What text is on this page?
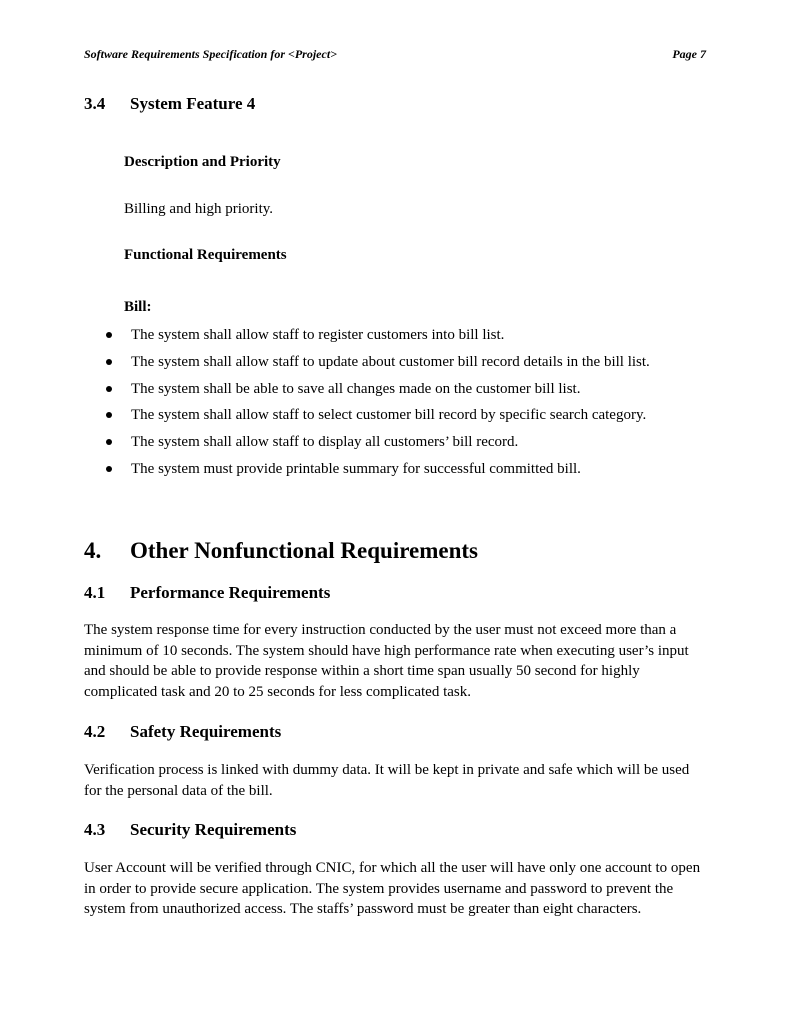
Software Requirements Specification for <Project>	Page 7
3.4 System Feature 4
Description and Priority
Billing and high priority.
Functional Requirements
Bill:
The system shall allow staff to register customers into bill list.
The system shall allow staff to update about customer bill record details in the bill list.
The system shall be able to save all changes made on the customer bill list.
The system shall allow staff to select customer bill record by specific search category.
The system shall allow staff to display all customers’ bill record.
The system must provide printable summary for successful committed bill.
4. Other Nonfunctional Requirements
4.1 Performance Requirements
The system response time for every instruction conducted by the user must not exceed more than a minimum of 10 seconds. The system should have high performance rate when executing user’s input and should be able to provide response within a short time span usually 50 second for highly complicated task and 20 to 25 seconds for less complicated task.
4.2 Safety Requirements
Verification process is linked with dummy data. It will be kept in private and safe which will be used for the personal data of the bill.
4.3 Security Requirements
User Account will be verified through CNIC, for which all the user will have only one account to open in order to provide secure application. The system provides username and password to prevent the system from unauthorized access. The staffs’ password must be greater than eight characters.
